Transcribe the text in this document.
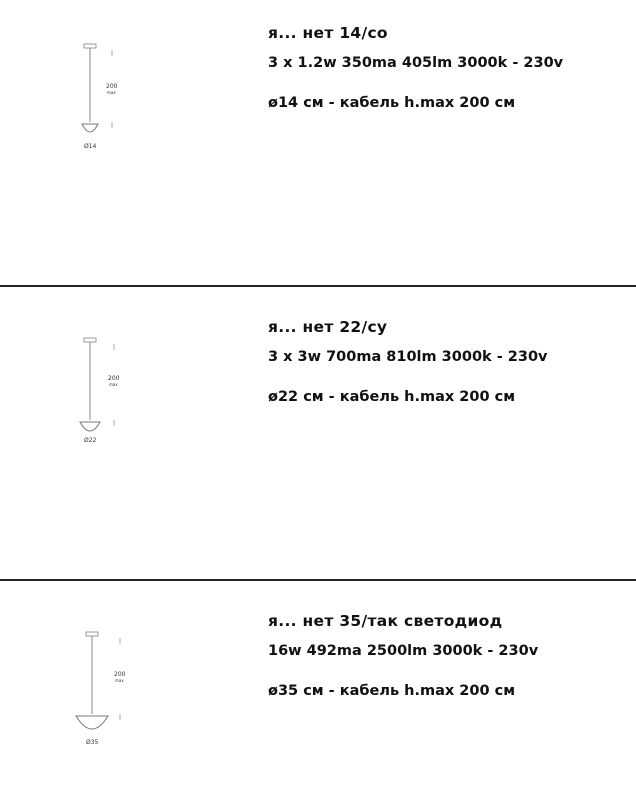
200
max
Ø14

я... нет 14/со

3 x 1.2w 350ma 405lm 3000k - 230v

ø14 см - кабель h.max 200 см

200
max
Ø22

я... нет 22/су

3 x 3w 700ma 810lm 3000k - 230v

ø22 см - кабель h.max 200 см

200
max
Ø35

я... нет 35/так светодиод

16w 492ma 2500lm 3000k - 230v

ø35 см - кабель h.max 200 см
